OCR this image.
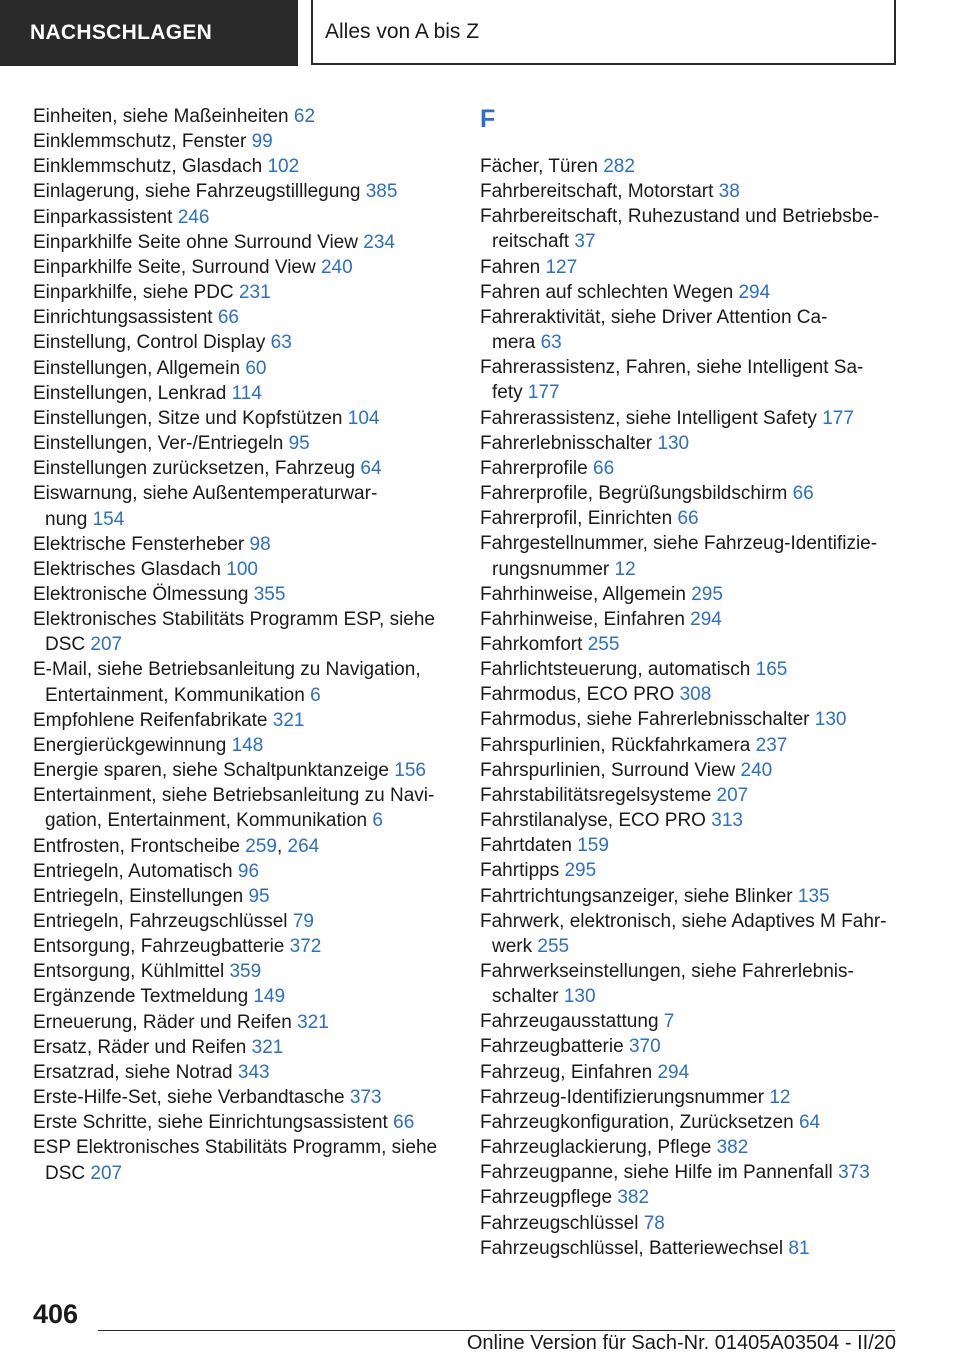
NACHSCHLAGEN	Alles von A bis Z
Einheiten, siehe Maßeinheiten 62
Einklemmschutz, Fenster 99
Einklemmschutz, Glasdach 102
Einlagerung, siehe Fahrzeugstilllegung 385
Einparkassistent 246
Einparkhilfe Seite ohne Surround View 234
Einparkhilfe Seite, Surround View 240
Einparkhilfe, siehe PDC 231
Einrichtungsassistent 66
Einstellung, Control Display 63
Einstellungen, Allgemein 60
Einstellungen, Lenkrad 114
Einstellungen, Sitze und Kopfstützen 104
Einstellungen, Ver-/Entriegeln 95
Einstellungen zurücksetzen, Fahrzeug 64
Eiswarnung, siehe Außentemperaturwar-
nung 154
Elektrische Fensterheber 98
Elektrisches Glasdach 100
Elektronische Ölmessung 355
Elektronisches Stabilitäts Programm ESP, siehe
DSC 207
E-Mail, siehe Betriebsanleitung zu Navigation,
Entertainment, Kommunikation 6
Empfohlene Reifenfabrikate 321
Energierückgewinnung 148
Energie sparen, siehe Schaltpunktanzeige 156
Entertainment, siehe Betriebsanleitung zu Navi-
gation, Entertainment, Kommunikation 6
Entfrosten, Frontscheibe 259, 264
Entriegeln, Automatisch 96
Entriegeln, Einstellungen 95
Entriegeln, Fahrzeugschlüssel 79
Entsorgung, Fahrzeugbatterie 372
Entsorgung, Kühlmittel 359
Ergänzende Textmeldung 149
Erneuerung, Räder und Reifen 321
Ersatz, Räder und Reifen 321
Ersatzrad, siehe Notrad 343
Erste-Hilfe-Set, siehe Verbandtasche 373
Erste Schritte, siehe Einrichtungsassistent 66
ESP Elektronisches Stabilitäts Programm, siehe
DSC 207
F
Fächer, Türen 282
Fahrbereitschaft, Motorstart 38
Fahrbereitschaft, Ruhezustand und Betriebsbe-
reitschaft 37
Fahren 127
Fahren auf schlechten Wegen 294
Fahreraktivität, siehe Driver Attention Ca-
mera 63
Fahrerassistenz, Fahren, siehe Intelligent Sa-
fety 177
Fahrerassistenz, siehe Intelligent Safety 177
Fahrerlebnisschalter 130
Fahrerprofile 66
Fahrerprofile, Begrüßungsbildschirm 66
Fahrerprofil, Einrichten 66
Fahrgestellnummer, siehe Fahrzeug-Identifizie-
rungsnummer 12
Fahrhinweise, Allgemein 295
Fahrhinweise, Einfahren 294
Fahrkomfort 255
Fahrlichtsteuerung, automatisch 165
Fahrmodus, ECO PRO 308
Fahrmodus, siehe Fahrerlebnisschalter 130
Fahrspurlinien, Rückfahrkamera 237
Fahrspurlinien, Surround View 240
Fahrstabilitätsregelsysteme 207
Fahrstilanalyse, ECO PRO 313
Fahrtdaten 159
Fahrtipps 295
Fahrtrichtungsanzeiger, siehe Blinker 135
Fahrwerk, elektronisch, siehe Adaptives M Fahr-
werk 255
Fahrwerkseinstellungen, siehe Fahrerlebnis-
schalter 130
Fahrzeugausstattung 7
Fahrzeugbatterie 370
Fahrzeug, Einfahren 294
Fahrzeug-Identifizierungsnummer 12
Fahrzeugkonfiguration, Zurücksetzen 64
Fahrzeuglackierung, Pflege 382
Fahrzeugpanne, siehe Hilfe im Pannenfall 373
Fahrzeugpflege 382
Fahrzeugschlüssel 78
Fahrzeugschlüssel, Batteriewechsel 81
406
Online Version für Sach-Nr. 01405A03504 - II/20
